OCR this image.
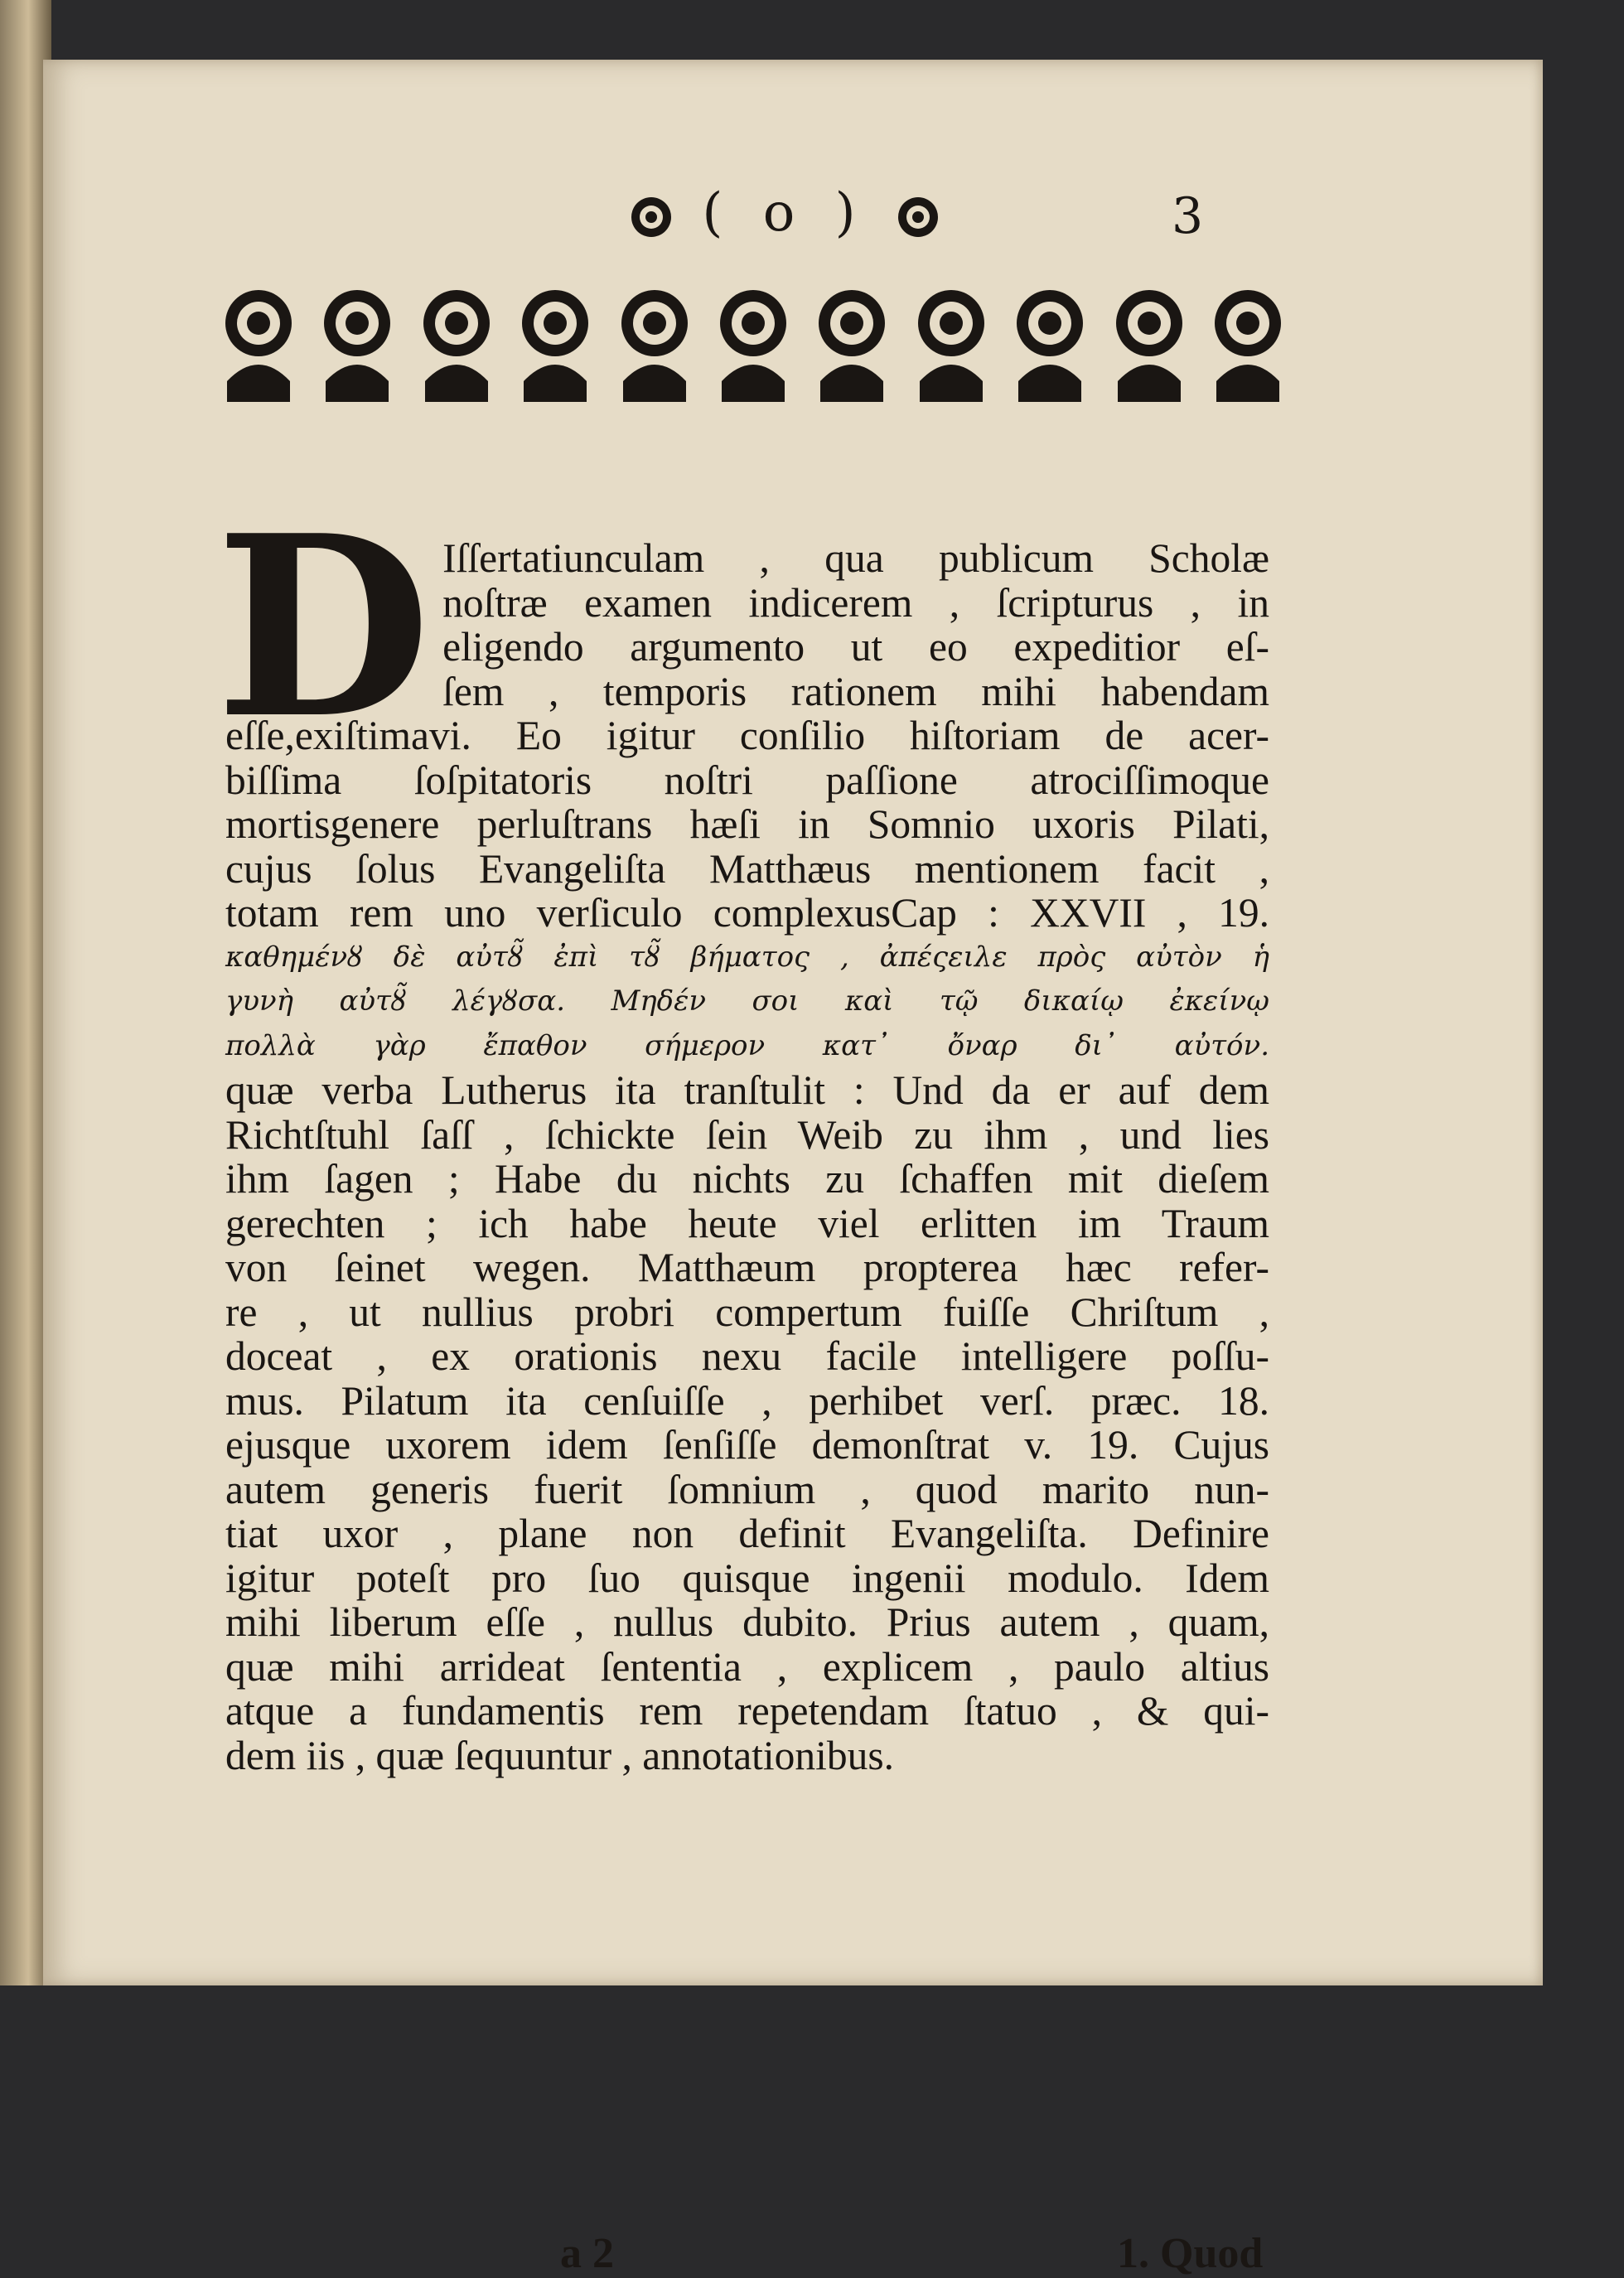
( o )	3
D Iſſertatiunculam , qua publicum Scholæ
noſtræ examen indicerem , ſcripturus , in
eligendo argumento ut eo expeditior eſ-
ſem , temporis rationem mihi habendam
eſſe,exiſtimavi. Eo igitur conſilio hiſtoriam de acer-
biſſima ſoſpitatoris noſtri paſſione atrociſſimoque
mortisgenere perluſtrans hæſi in Somnio uxoris Pilati,
cujus ſolus Evangeliſta Matthæus mentionem facit ,
totam rem uno verſiculo complexusCap : XXVII , 19.
καθημένȣ δὲ αὐτȣ̃ ἐπὶ τȣ̃ βήματος , ἀπέςειλε πρὸς αὐτὸν ἡ
γυνὴ αὐτȣ̃ λέγȣσα. Μηδέν σοι καὶ τῷ δικαίῳ ἐκείνῳ
πολλὰ γὰρ ἔπαθον σήμερον κατ᾽ ὄναρ δι᾽ αὐτόν.
quæ verba Lutherus ita tranſtulit : Und da er auf dem
Richtſtuhl ſaſſ , ſchickte ſein Weib zu ihm , und lies
ihm ſagen ; Habe du nichts zu ſchaffen mit dieſem
gerechten ; ich habe heute viel erlitten im Traum
von ſeinet wegen. Matthæum propterea hæc refer-
re , ut nullius probri compertum fuiſſe Chriſtum ,
doceat , ex orationis nexu facile intelligere poſſu-
mus. Pilatum ita cenſuiſſe , perhibet verſ. præc. 18.
ejusque uxorem idem ſenſiſſe demonſtrat v. 19. Cujus
autem generis fuerit ſomnium , quod marito nun-
tiat uxor , plane non definit Evangeliſta. Definire
igitur poteſt pro ſuo quisque ingenii modulo. Idem
mihi liberum eſſe , nullus dubito. Prius autem , quam,
quæ mihi arrideat ſententia , explicem , paulo altius
atque a fundamentis rem repetendam ſtatuo , & qui-
dem iis , quæ ſequuntur , annotationibus.
a 2	1. Quod
